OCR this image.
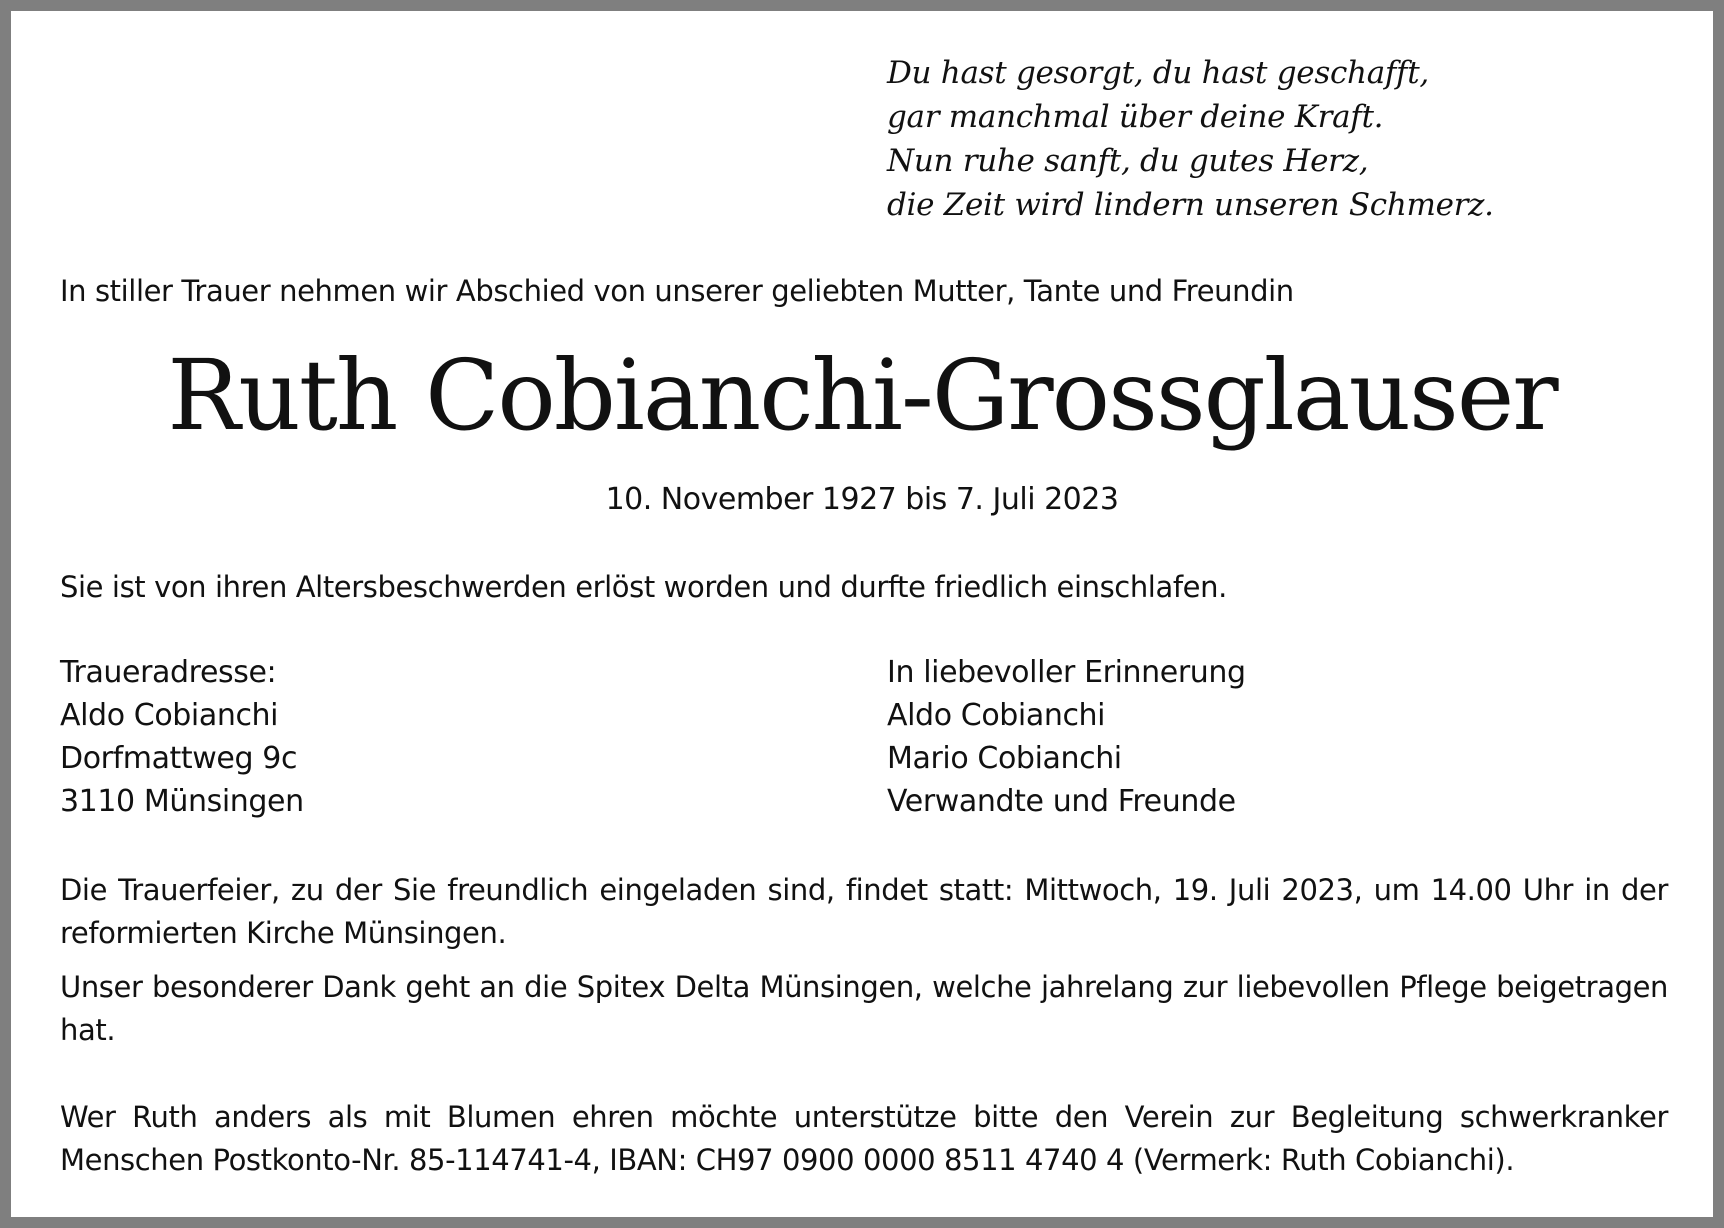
Du hast gesorgt, du hast geschafft,
gar manchmal über deine Kraft.
Nun ruhe sanft, du gutes Herz,
die Zeit wird lindern unseren Schmerz.
In stiller Trauer nehmen wir Abschied von unserer geliebten Mutter, Tante und Freundin
Ruth Cobianchi-Grossglauser
10. November 1927 bis 7. Juli 2023
Sie ist von ihren Altersbeschwerden erlöst worden und durfte friedlich einschlafen.
Traueradresse:
Aldo Cobianchi
Dorfmattweg 9c
3110 Münsingen
In liebevoller Erinnerung
Aldo Cobianchi
Mario Cobianchi
Verwandte und Freunde
Die Trauerfeier, zu der Sie freundlich eingeladen sind, findet statt: Mittwoch, 19. Juli 2023, um 14.00 Uhr in der reformierten Kirche Münsingen.
Unser besonderer Dank geht an die Spitex Delta Münsingen, welche jahrelang zur liebevollen Pflege beigetragen hat.
Wer Ruth anders als mit Blumen ehren möchte unterstütze bitte den Verein zur Begleitung schwerkranker Menschen Postkonto-Nr. 85-114741-4, IBAN: CH97 0900 0000 8511 4740 4 (Vermerk: Ruth Cobianchi).
